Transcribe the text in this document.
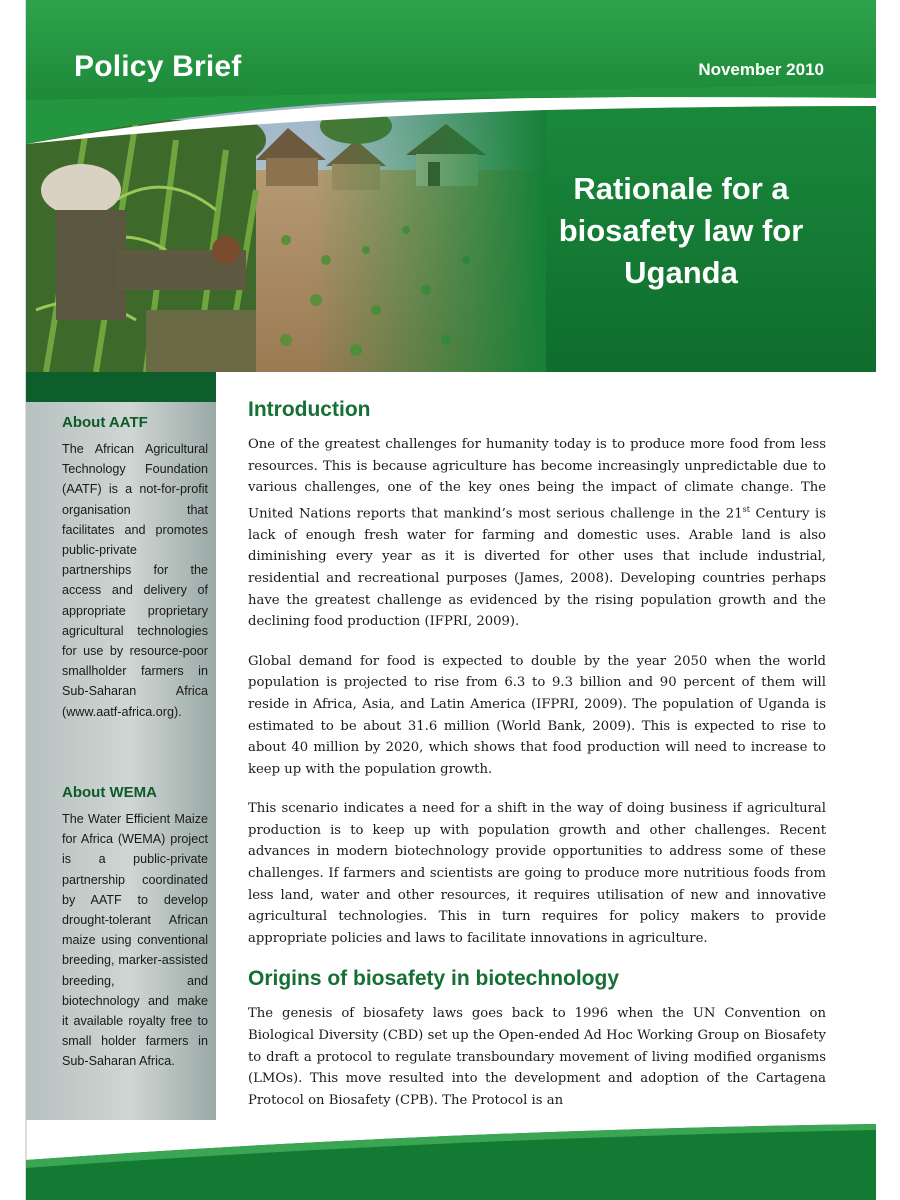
Policy Brief	November 2010
Rationale for a
biosafety law for
Uganda

About AATF

The African Agricultural Technology Foundation (AATF) is a not-for-profit organisation that facilitates and promotes public-private partnerships for the access and delivery of appropriate proprietary agricultural technologies for use by resource-poor smallholder farmers in Sub-Saharan Africa (www.aatf-africa.org).

About WEMA

The Water Efficient Maize for Africa (WEMA) project is a public-private partnership coordinated by AATF to develop drought-tolerant African maize using conventional breeding, marker-assisted breeding, and biotechnology and make it available royalty free to small holder farmers in Sub-Saharan Africa.

Introduction

One of the greatest challenges for humanity today is to produce more food from less resources. This is because agriculture has become increasingly unpredictable due to various challenges, one of the key ones being the impact of climate change. The United Nations reports that mankind’s most serious challenge in the 21st Century is lack of enough fresh water for farming and domestic uses. Arable land is also diminishing every year as it is diverted for other uses that include industrial, residential and recreational purposes (James, 2008). Developing countries perhaps have the greatest challenge as evidenced by the rising population growth and the declining food production (IFPRI, 2009).

Global demand for food is expected to double by the year 2050 when the world population is projected to rise from 6.3 to 9.3 billion and 90 percent of them will reside in Africa, Asia, and Latin America (IFPRI, 2009). The population of Uganda is estimated to be about 31.6 million (World Bank, 2009). This is expected to rise to about 40 million by 2020, which shows that food production will need to increase to keep up with the population growth.

This scenario indicates a need for a shift in the way of doing business if agricultural production is to keep up with population growth and other challenges. Recent advances in modern biotechnology provide opportunities to address some of these challenges. If farmers and scientists are going to produce more nutritious foods from less land, water and other resources, it requires utilisation of new and innovative agricultural technologies. This in turn requires for policy makers to provide appropriate policies and laws to facilitate innovations in agriculture.

Origins of biosafety in biotechnology

The genesis of biosafety laws goes back to 1996 when the UN Convention on Biological Diversity (CBD) set up the Open-ended Ad Hoc Working Group on Biosafety to draft a protocol to regulate transboundary movement of living modified organisms (LMOs). This move resulted into the development and adoption of the Cartagena Protocol on Biosafety (CPB). The Protocol is an
